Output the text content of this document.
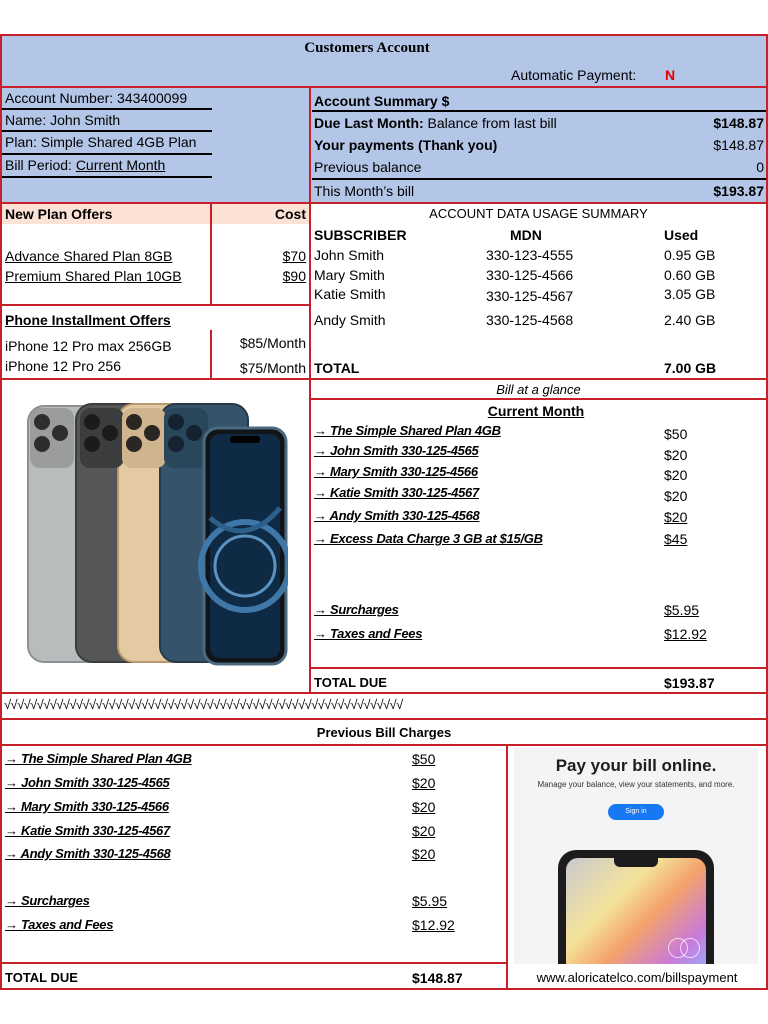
Customers Account
Automatic Payment: N
Account Number: 343400099
Name: John Smith
Plan: Simple Shared 4GB Plan
Bill Period: Current Month
Account Summary $
Due Last Month: Balance from last bill	$148.87
Your payments (Thank you)	$148.87
Previous balance	0
This Month’s bill	$193.87
New Plan Offers	Cost
Advance Shared Plan 8GB	$70
Premium Shared Plan 10GB	$90
Phone Installment Offers
iPhone 12 Pro max 256GB	$85/Month
iPhone 12 Pro 256	$75/Month
ACCOUNT DATA USAGE SUMMARY
SUBSCRIBER	MDN	Used
John Smith	330-123-4555	0.95 GB
Mary Smith	330-125-4566	0.60 GB
Katie Smith	330-125-4567	3.05 GB
Andy Smith	330-125-4568	2.40 GB
TOTAL	7.00 GB
Bill at a glance
Current Month
→ The Simple Shared Plan 4GB	$50
→ John Smith 330-125-4565	$20
→ Mary Smith 330-125-4566	$20
→ Katie Smith 330-125-4567	$20
→ Andy Smith 330-125-4568	$20
→ Excess Data Charge 3 GB at $15/GB	$45
→ Surcharges	$5.95
→ Taxes and Fees	$12.92
TOTAL DUE	$193.87
√√√√√√√√√√√√√√√√√√√√√√√√√√√√√√√√√√√√√√√√√√√√√√√√√√√√√√√√√√√√√
Previous Bill Charges
→ The Simple Shared Plan 4GB	$50
→ John Smith 330-125-4565	$20
→ Mary Smith 330-125-4566	$20
→ Katie Smith 330-125-4567	$20
→ Andy Smith 330-125-4568	$20
→ Surcharges	$5.95
→ Taxes and Fees	$12.92
TOTAL DUE	$148.87
Pay your bill online.
Manage your balance, view your statements, and more.
Sign in
www.aloricatelco.com/billspayment
